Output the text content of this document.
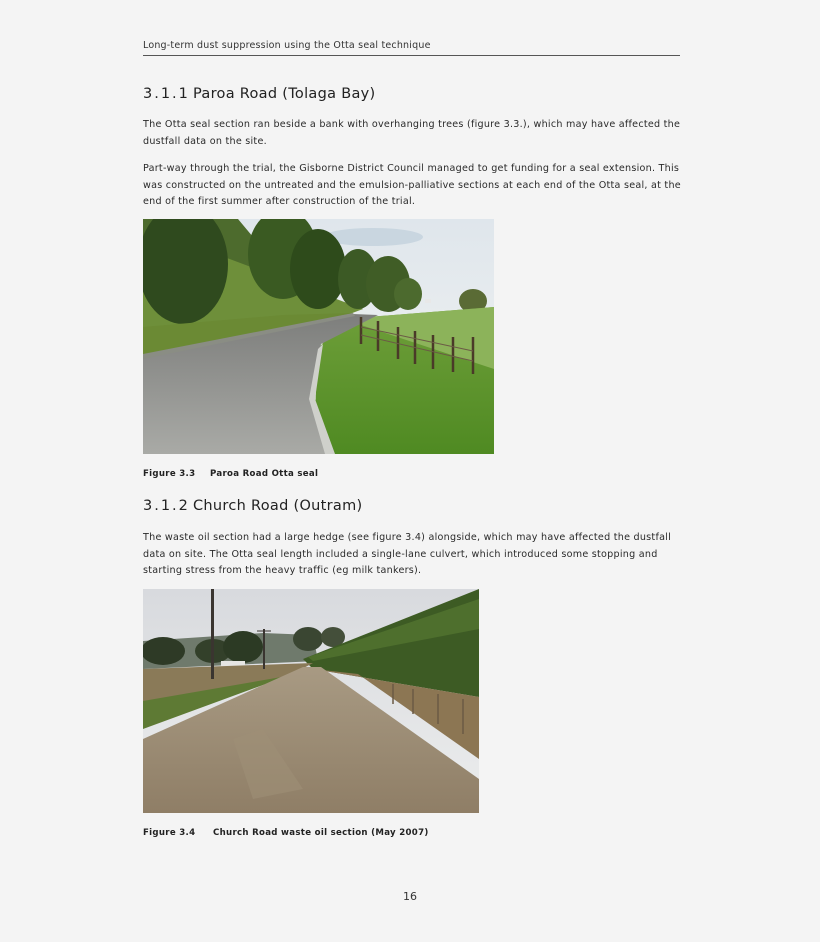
Long-term dust suppression using the Otta seal technique
3.1.1 Paroa Road (Tolaga Bay)

The Otta seal section ran beside a bank with overhanging trees (figure 3.3.), which may have affected the dustfall data on the site.

Part-way through the trial, the Gisborne District Council managed to get funding for a seal extension. This was constructed on the untreated and the emulsion-palliative sections at each end of the Otta seal, at the end of the first summer after construction of the trial.

Figure 3.3 Paroa Road Otta seal
3.1.2 Church Road (Outram)

The waste oil section had a large hedge (see figure 3.4) alongside, which may have affected the dustfall data on site. The Otta seal length included a single-lane culvert, which introduced some stopping and starting stress from the heavy traffic (eg milk tankers).

Figure 3.4 Church Road waste oil section (May 2007)
16
